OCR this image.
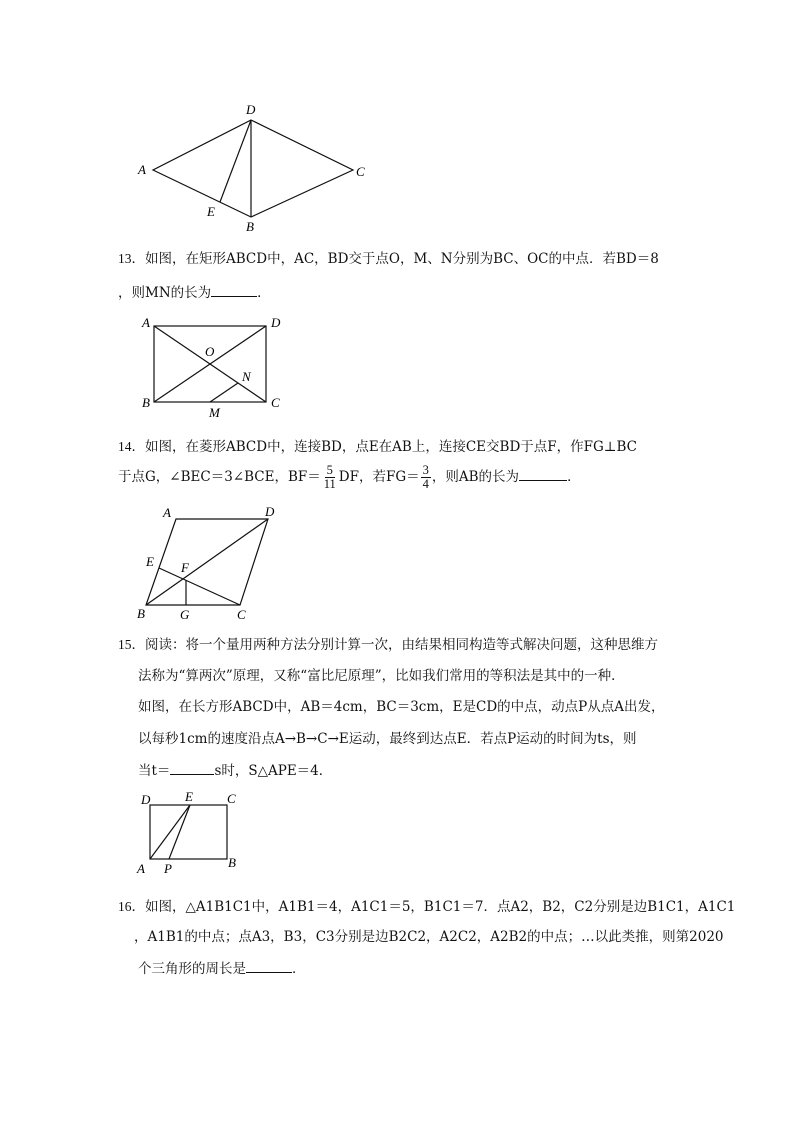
D
A	C
E
B
13．如图，在矩形ABCD中，AC，BD交于点O，M、N分别为BC、OC的中点．若BD＝8
，则MN的长为	．
A	D
O
N
B
M
C
14．如图，在菱形ABCD中，连接BD，点E在AB上，连接CE交BD于点F，作FG⊥BC
于点G，∠BEC＝3∠BCE，$BF= \frac{5}{11}$ DF，若$FG= \frac{3}{4}$ ，则AB的长为	．
A	D
E F
B	G	C
15．阅读：将一个量用两种方法分别计算一次，由结果相同构造等式解决问题，这种思维方
法称为“算两次”原理，又称“富比尼原理”，比如我们常用的等积法是其中的一种．
如图，在长方形ABCD中，AB＝4cm，BC＝3cm，E是CD的中点，动点P从点A出发，
以每秒1cm的速度沿点A→B→C→E运动，最终到达点E．若点P运动的时间为ts，则
当t＝	s时，S△APE＝4．
D	E	C
A P	B
16．如图，△A1B1C1中，A1B1＝4，A1C1＝5，B1C1＝7．点A2，B2，C2分别是边B1C1，A1C1
，A1B1的中点；点A3，B3，C3分别是边B2C2，A2C2，A2B2的中点；…以此类推，则第2020
个三角形的周长是	．
